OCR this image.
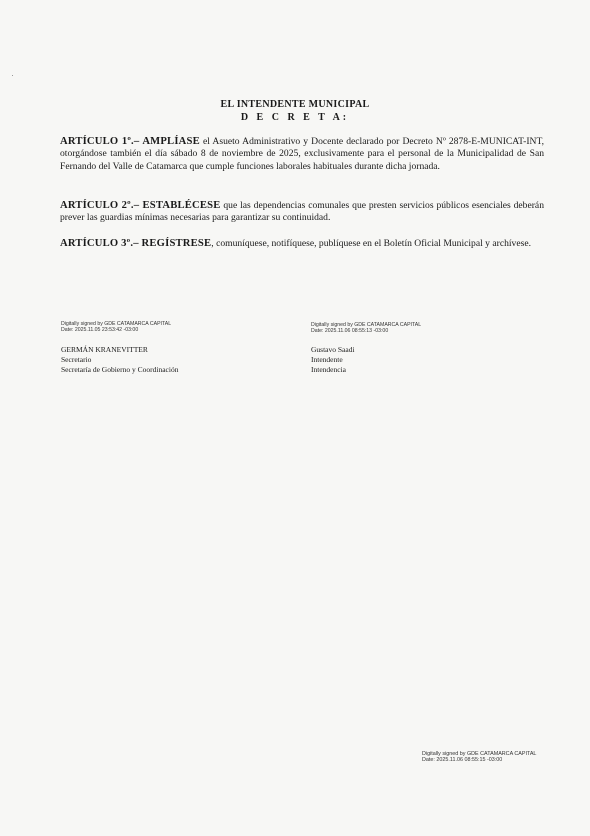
EL INTENDENTE MUNICIPAL
D E C R E T A:
ARTÍCULO 1º.– AMPLÍASE el Asueto Administrativo y Docente declarado por Decreto Nº 2878-E-MUNICAT-INT, otorgándose también el día sábado 8 de noviembre de 2025, exclusivamente para el personal de la Municipalidad de San Fernando del Valle de Catamarca que cumple funciones laborales habituales durante dicha jornada.
ARTÍCULO 2º.– ESTABLÉCESE que las dependencias comunales que presten servicios públicos esenciales deberán prever las guardias mínimas necesarias para garantizar su continuidad.
ARTÍCULO 3º.– REGÍSTRESE, comuníquese, notifíquese, publíquese en el Boletín Oficial Municipal y archívese.
Digitally signed by GDE CATAMARCA CAPITAL
Date: 2025.11.05 23:53:42 -03:00
GERMÁN KRANEVITTER
Secretario
Secretaría de Gobierno y Coordinación
Digitally signed by GDE CATAMARCA CAPITAL
Date: 2025.11.06 08:55:13 -03:00
Gustavo Saadi
Intendente
Intendencia
Digitally signed by GDE CATAMARCA CAPITAL
Date: 2025.11.06 08:55:15 -03:00
